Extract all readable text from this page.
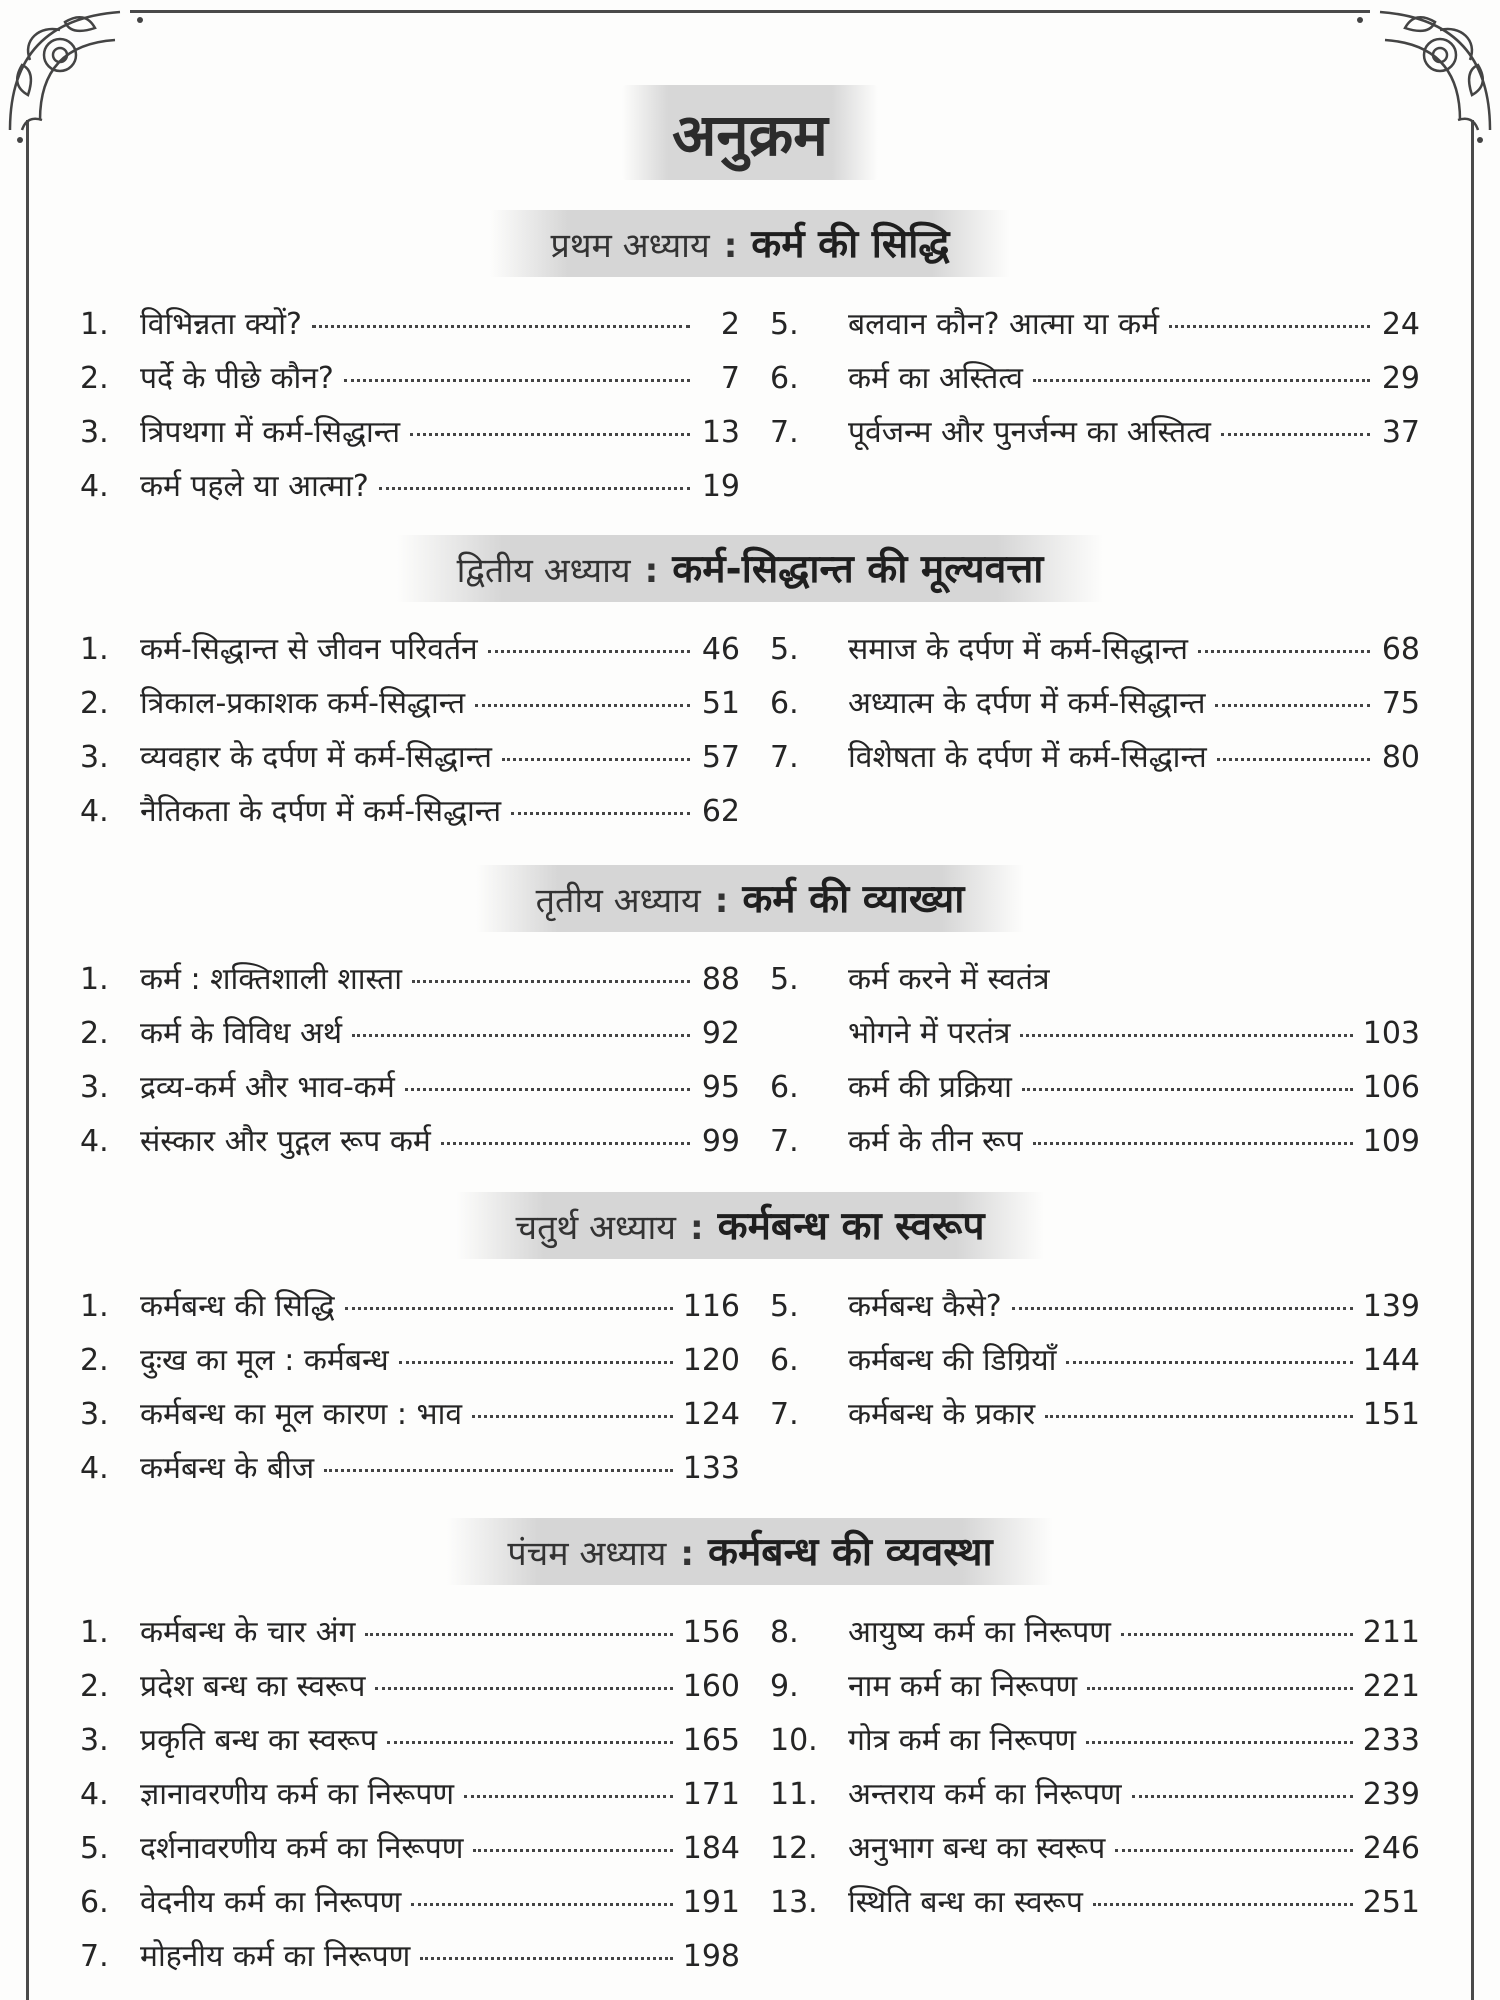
अनुक्रम
प्रथम अध्याय : कर्म की सिद्धि
1.	विभिन्नता क्यों?	2
2.	पर्दे के पीछे कौन?	7
3.	त्रिपथगा में कर्म-सिद्धान्त	13
4.	कर्म पहले या आत्मा?	19
5.	बलवान कौन? आत्मा या कर्म	24
6.	कर्म का अस्तित्व	29
7.	पूर्वजन्म और पुनर्जन्म का अस्तित्व	37
द्वितीय अध्याय : कर्म-सिद्धान्त की मूल्यवत्ता
1.	कर्म-सिद्धान्त से जीवन परिवर्तन	46
2.	त्रिकाल-प्रकाशक कर्म-सिद्धान्त	51
3.	व्यवहार के दर्पण में कर्म-सिद्धान्त	57
4.	नैतिकता के दर्पण में कर्म-सिद्धान्त	62
5.	समाज के दर्पण में कर्म-सिद्धान्त	68
6.	अध्यात्म के दर्पण में कर्म-सिद्धान्त	75
7.	विशेषता के दर्पण में कर्म-सिद्धान्त	80
तृतीय अध्याय : कर्म की व्याख्या
1.	कर्म : शक्तिशाली शास्ता	88
2.	कर्म के विविध अर्थ	92
3.	द्रव्य-कर्म और भाव-कर्म	95
4.	संस्कार और पुद्गल रूप कर्म	99
5.	कर्म करने में स्वतंत्र
भोगने में परतंत्र	103
6.	कर्म की प्रक्रिया	106
7.	कर्म के तीन रूप	109
चतुर्थ अध्याय : कर्मबन्ध का स्वरूप
1.	कर्मबन्ध की सिद्धि	116
2.	दुःख का मूल : कर्मबन्ध	120
3.	कर्मबन्ध का मूल कारण : भाव	124
4.	कर्मबन्ध के बीज	133
5.	कर्मबन्ध कैसे?	139
6.	कर्मबन्ध की डिग्रियाँ	144
7.	कर्मबन्ध के प्रकार	151
पंचम अध्याय : कर्मबन्ध की व्यवस्था
1.	कर्मबन्ध के चार अंग	156
2.	प्रदेश बन्ध का स्वरूप	160
3.	प्रकृति बन्ध का स्वरूप	165
4.	ज्ञानावरणीय कर्म का निरूपण	171
5.	दर्शनावरणीय कर्म का निरूपण	184
6.	वेदनीय कर्म का निरूपण	191
7.	मोहनीय कर्म का निरूपण	198
8.	आयुष्य कर्म का निरूपण	211
9.	नाम कर्म का निरूपण	221
10.	गोत्र कर्म का निरूपण	233
11.	अन्तराय कर्म का निरूपण	239
12.	अनुभाग बन्ध का स्वरूप	246
13.	स्थिति बन्ध का स्वरूप	251
